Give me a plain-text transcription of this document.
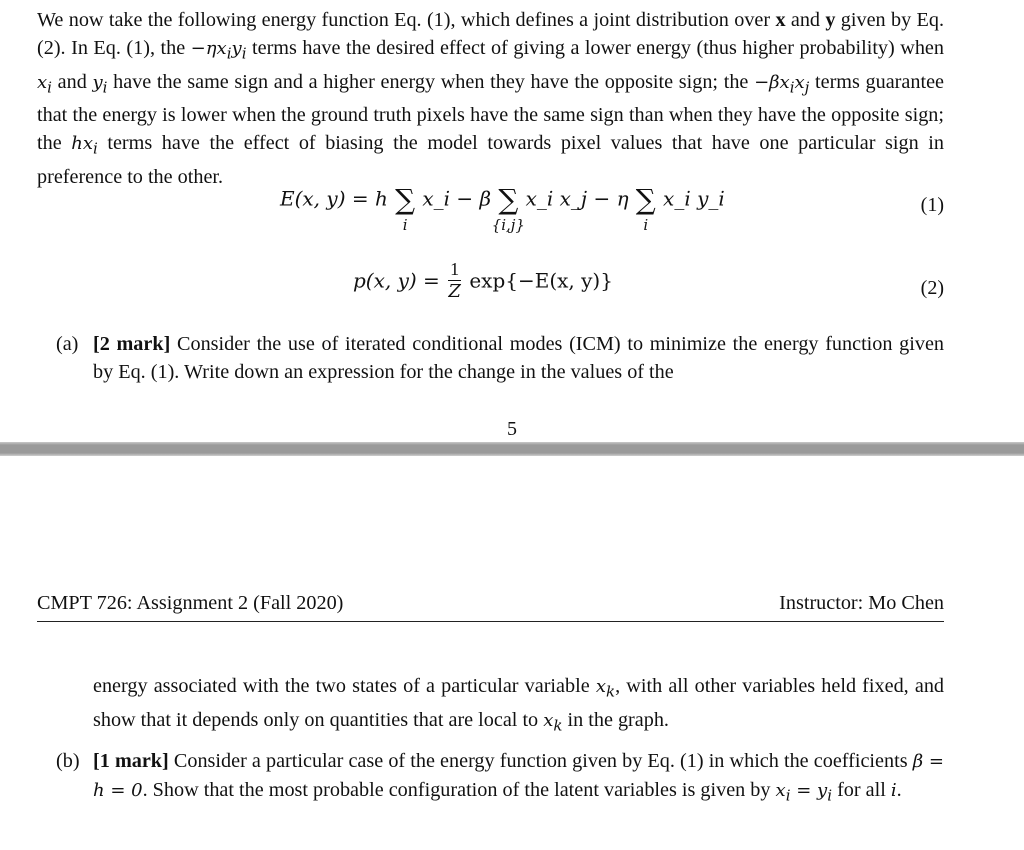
We now take the following energy function Eq. (1), which defines a joint distribution over x and y given by Eq. (2). In Eq. (1), the $-\eta x_iy_i$ terms have the desired effect of giving a lower energy (thus higher probability) when $x_i$ and $y_i$ have the same sign and a higher energy when they have the opposite sign; the $-\beta x_ix_j$ terms guarantee that the energy is lower when the ground truth pixels have the same sign than when they have the opposite sign; the $hx_i$ terms have the effect of biasing the model towards pixel values that have one particular sign in preference to the other.

E(x, y) = h ∑
i
x_i − β ∑
{i,j}
x_i x_j − η ∑
i
x_i y_i	(1)
p(x, $y) = \frac{1}{Z} \exp\{-E(x$, y)}	(2)
(a) [2 mark] Consider the use of iterated conditional modes (ICM) to minimize the energy function given by Eq. (1). Write down an expression for the change in the values of the
5
CMPT 726: Assignment 2 (Fall 2020)	Instructor: Mo Chen
energy associated with the two states of a particular variable $x_k$, with all other variables held fixed, and show that it depends only on quantities that are local to $x_k$ in the graph.
(b) [1 mark] Consider a particular case of the energy function given by Eq. (1) in which the coefficients β = h = 0. Show that the most probable configuration of the latent variables is given by $x_i = y_i$ for all i.
